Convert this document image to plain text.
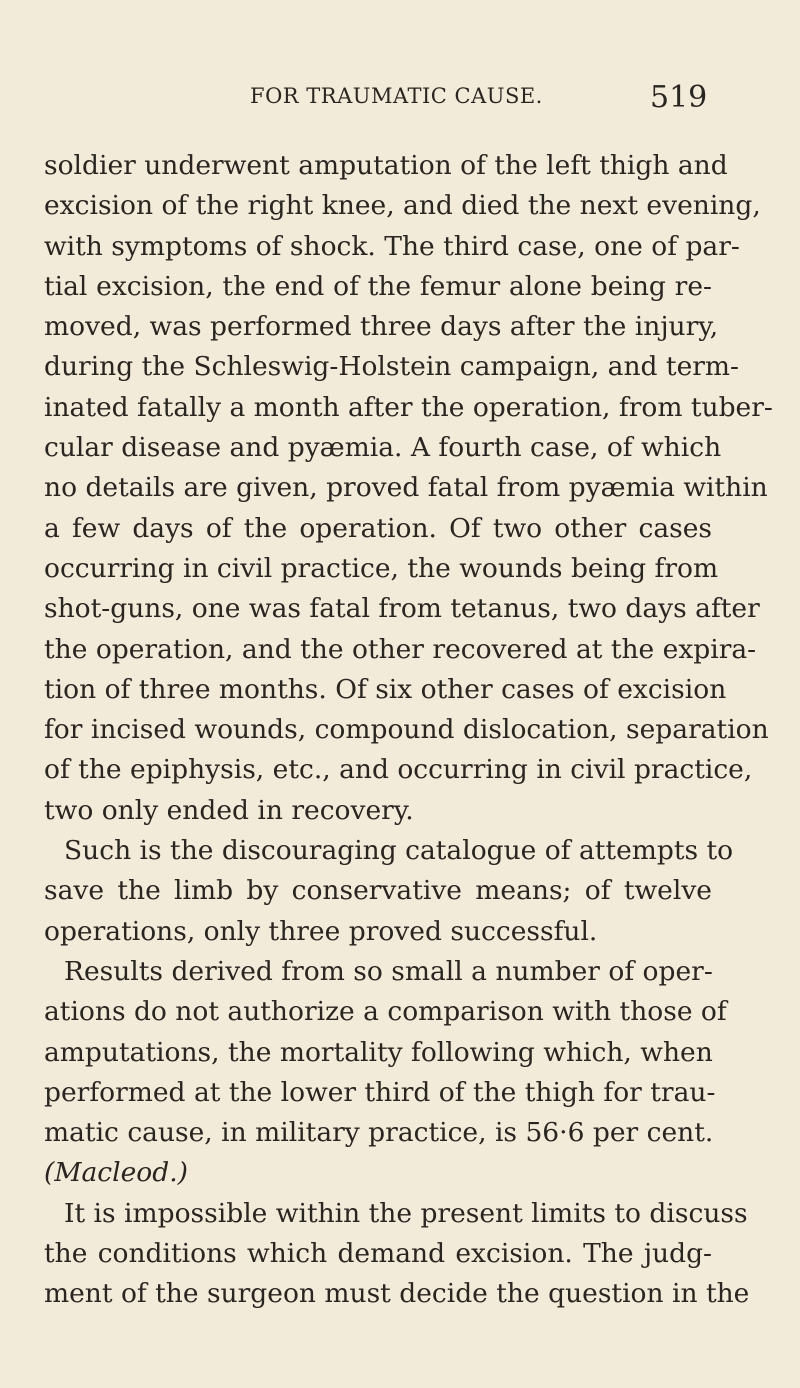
FOR TRAUMATIC CAUSE.	519
soldier underwent amputation of the left thigh and
excision of the right knee, and died the next evening,
with symptoms of shock. The third case, one of par-
tial excision, the end of the femur alone being re-
moved, was performed three days after the injury,
during the Schleswig-Holstein campaign, and term-
inated fatally a month after the operation, from tuber-
cular disease and pyæmia. A fourth case, of which
no details are given, proved fatal from pyæmia within
a few days of the operation. Of two other cases
occurring in civil practice, the wounds being from
shot-guns, one was fatal from tetanus, two days after
the operation, and the other recovered at the expira-
tion of three months. Of six other cases of excision
for incised wounds, compound dislocation, separation
of the epiphysis, etc., and occurring in civil practice,
two only ended in recovery.
Such is the discouraging catalogue of attempts to
save the limb by conservative means; of twelve
operations, only three proved successful.
Results derived from so small a number of oper-
ations do not authorize a comparison with those of
amputations, the mortality following which, when
performed at the lower third of the thigh for trau-
matic cause, in military practice, is 56·6 per cent.
(Macleod.)
It is impossible within the present limits to discuss
the conditions which demand excision. The judg-
ment of the surgeon must decide the question in the
